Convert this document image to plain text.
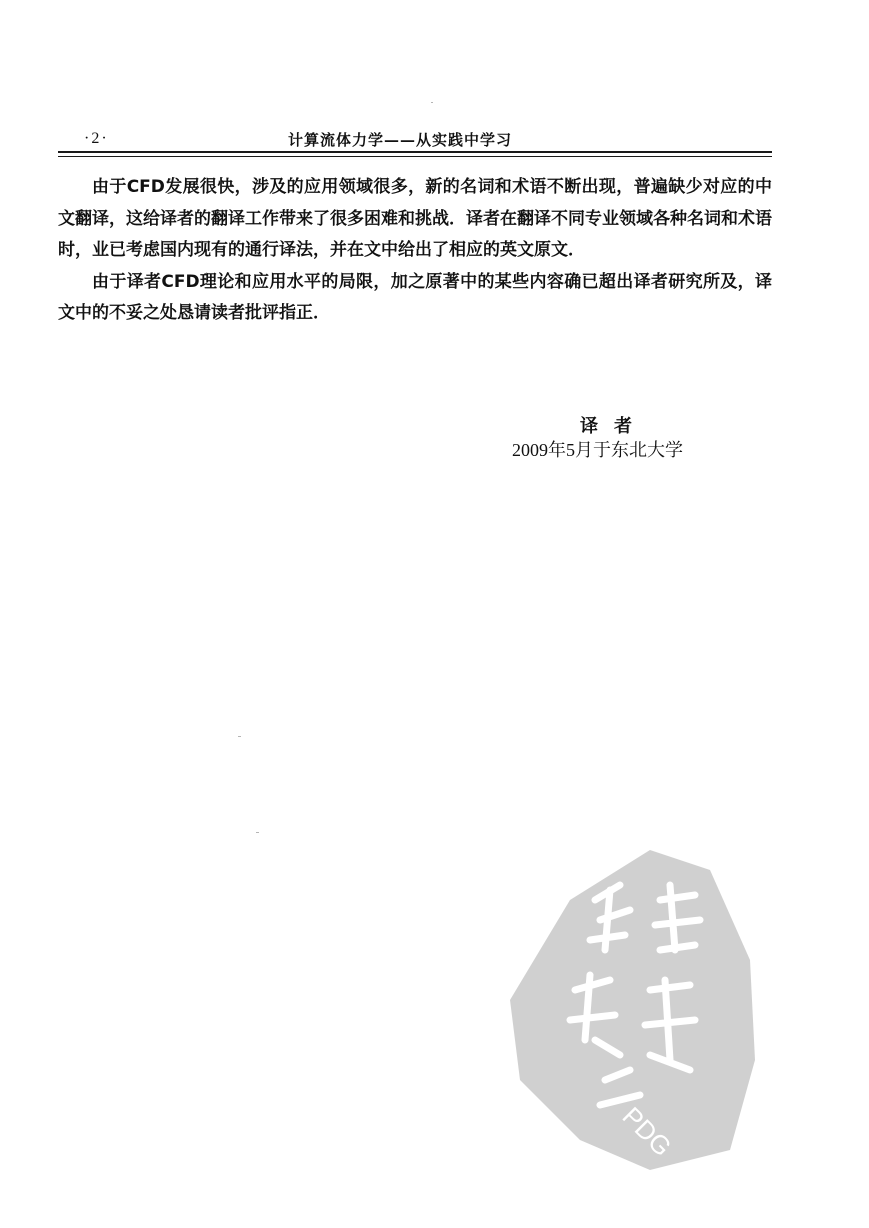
·2·	计算流体力学——从实践中学习

由于CFD发展很快，涉及的应用领域很多，新的名词和术语不断出现，普遍缺少对应的中文翻译，这给译者的翻译工作带来了很多困难和挑战．译者在翻译不同专业领域各种名词和术语时，业已考虑国内现有的通行译法，并在文中给出了相应的英文原文．

由于译者CFD理论和应用水平的局限，加之原著中的某些内容确已超出译者研究所及，译文中的不妥之处恳请读者批评指正．

译者
2009年5月于东北大学
PDG
